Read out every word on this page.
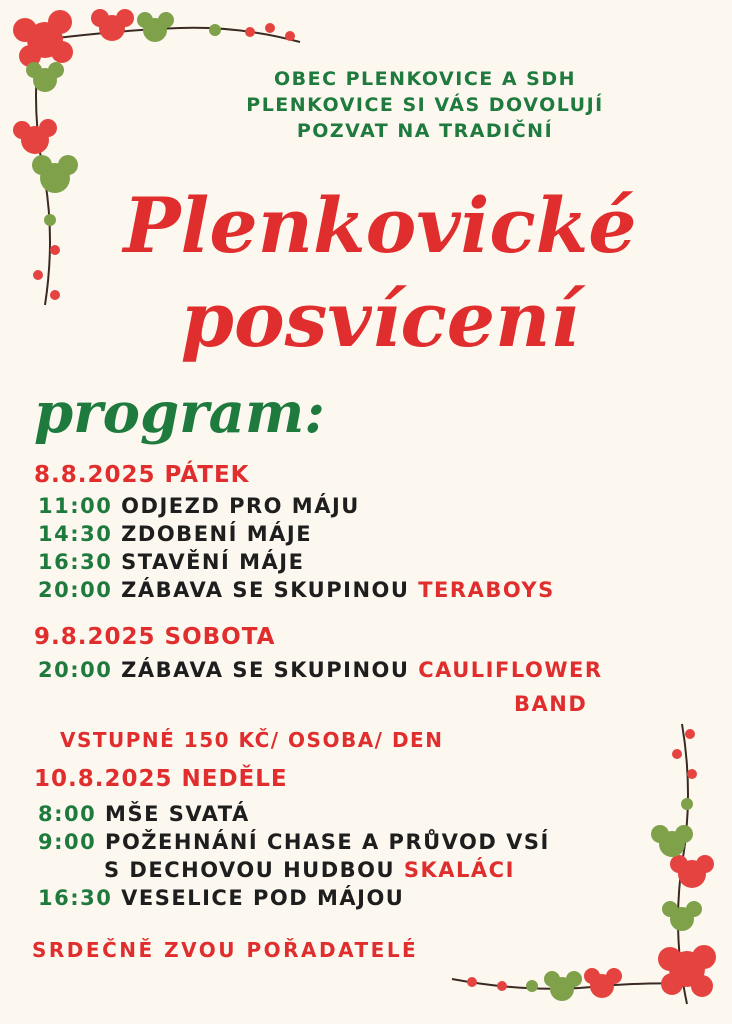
OBEC PLENKOVICE A SDH
PLENKOVICE SI VÁS DOVOLUJÍ
POZVAT NA TRADIČNÍ
Plenkovické
posvícení
program:
8.8.2025 PÁTEK
11:00 ODJEZD PRO MÁJU
14:30 ZDOBENÍ MÁJE
16:30 STAVĚNÍ MÁJE
20:00 ZÁBAVA SE SKUPINOU TERABOYS
9.8.2025 SOBOTA
20:00 ZÁBAVA SE SKUPINOU CAULIFLOWER
BAND
VSTUPNÉ 150 KČ/ OSOBA/ DEN
10.8.2025 NEDĚLE
8:00 MŠE SVATÁ
9:00 POŽEHNÁNÍ CHASE A PRŮVOD VSÍ
S DECHOVOU HUDBOU SKALÁCI
16:30 VESELICE POD MÁJOU
SRDEČNĚ ZVOU POŘADATELÉ
